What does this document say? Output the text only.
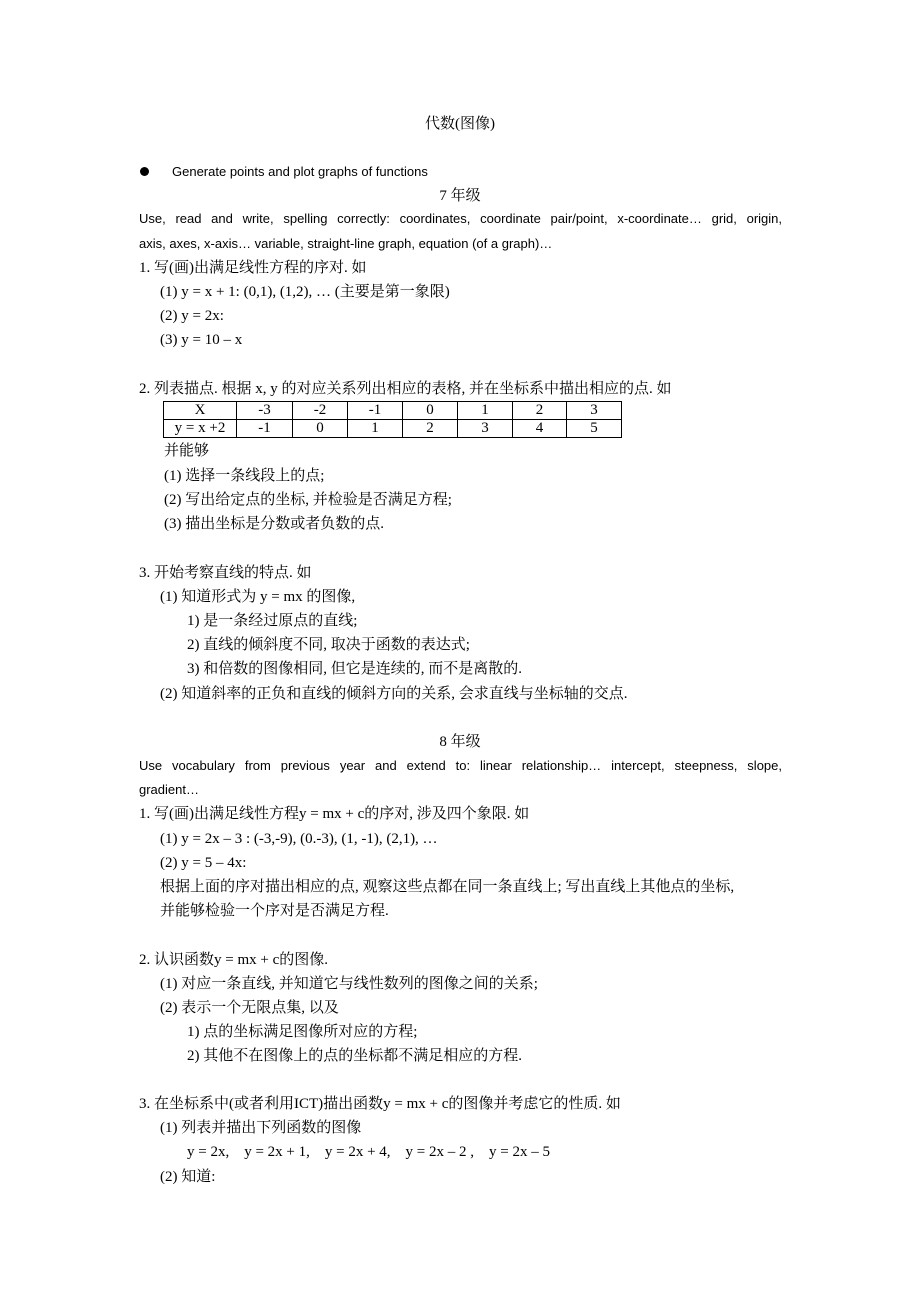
代数(图像)
Generate points and plot graphs of functions
7 年级
Use, read and write, spelling correctly: coordinates, coordinate pair/point, x-coordinate… grid, origin,
axis, axes, x-axis… variable, straight-line graph, equation (of a graph)…
1. 写(画)出满足线性方程的序对. 如
(1) y = x + 1: (0,1), (1,2), … (主要是第一象限)
(2) y = 2x:
(3) y = 10 – x
2. 列表描点. 根据 x, y 的对应关系列出相应的表格, 并在坐标系中描出相应的点. 如
X	-3	-2	-1	0	1	2	3
y = x +2	-1	0	1	2	3	4	5
并能够
(1) 选择一条线段上的点;
(2) 写出给定点的坐标, 并检验是否满足方程;
(3) 描出坐标是分数或者负数的点.
3. 开始考察直线的特点. 如
(1) 知道形式为 y = mx 的图像,
1) 是一条经过原点的直线;
2) 直线的倾斜度不同, 取决于函数的表达式;
3) 和倍数的图像相同, 但它是连续的, 而不是离散的.
(2) 知道斜率的正负和直线的倾斜方向的关系, 会求直线与坐标轴的交点.
8 年级
Use vocabulary from previous year and extend to: linear relationship… intercept, steepness, slope,
gradient…
1. 写(画)出满足线性方程y = mx + c的序对, 涉及四个象限. 如
(1) y = 2x – 3 : (-3,-9), (0.-3), (1, -1), (2,1), …
(2) y = 5 – 4x:
根据上面的序对描出相应的点, 观察这些点都在同一条直线上; 写出直线上其他点的坐标,
并能够检验一个序对是否满足方程.
2. 认识函数y = mx + c的图像.
(1) 对应一条直线, 并知道它与线性数列的图像之间的关系;
(2) 表示一个无限点集, 以及
1) 点的坐标满足图像所对应的方程;
2) 其他不在图像上的点的坐标都不满足相应的方程.
3. 在坐标系中(或者利用ICT)描出函数y = mx + c的图像并考虑它的性质. 如
(1) 列表并描出下列函数的图像
y = 2x,    y = 2x + 1,    y = 2x + 4,    y = 2x – 2 ,    y = 2x – 5
(2) 知道:
